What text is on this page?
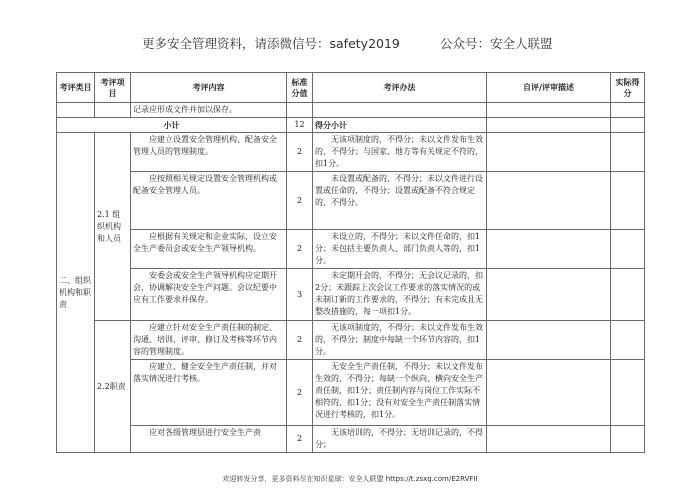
更多安全管理资料，请添微信号：safety2019	公众号：安全人联盟
考评类目	考评项目	考评内容	标准分值	考评办法	自评/评审描述	实际得分
		记录应形成文件并加以保存。				
小计			12	得分小计		
二、组织机构和职责	2.1 组织机构和人员	应建立设置安全管理机构、配备安全管理人员的管理制度。	2	无该项制度的，不得分；未以文件发布生效的，不得分；与国家、地方等有关规定不符的，扣1分。		
		应按照相关规定设置安全管理机构或配备安全管理人员。	2	未设置或配备的，不得分；未以文件进行设置或任命的，不得分；设置或配备不符合规定的，不得分。		
		应根据有关规定和企业实际，设立安全生产委员会或安全生产领导机构。	2	未设立的，不得分；未以文件任命的，扣1分；未包括主要负责人、部门负责人等的，扣1分。		
		安委会或安全生产领导机构应定期开会，协调解决安全生产问题。会议纪要中应有工作要求并保存。	3	未定期开会的，不得分；无会议记录的，扣2分；未跟踪上次会议工作要求的落实情况的或未制订新的工作要求的，不得分；有未完成且无整改措施的，每一项扣1分。		
	2.2职责	应建立针对安全生产责任制的制定、沟通、培训、评审、修订及考核等环节内容的管理制度。	2	无该项制度的，不得分；未以文件发布生效的，不得分；制度中每缺一个环节内容的，扣1分。		
		应建立、健全安全生产责任制，并对落实情况进行考核。	2	无安全生产责任制，不得分；未以文件发布生效的，不得分；每缺一个纵向、横向安全生产责任制，扣1分；责任制内容与岗位工作实际不相符的，扣1分；没有对安全生产责任制落实情况进行考核的，扣1分。		
		应对各级管理层进行安全生产责	2	无该培训的，不得分；无培训记录的，不得分；		
欢迎转发分享，更多资料尽在知识星球：安全人联盟 https://t.zsxq.com/E2RVFII
